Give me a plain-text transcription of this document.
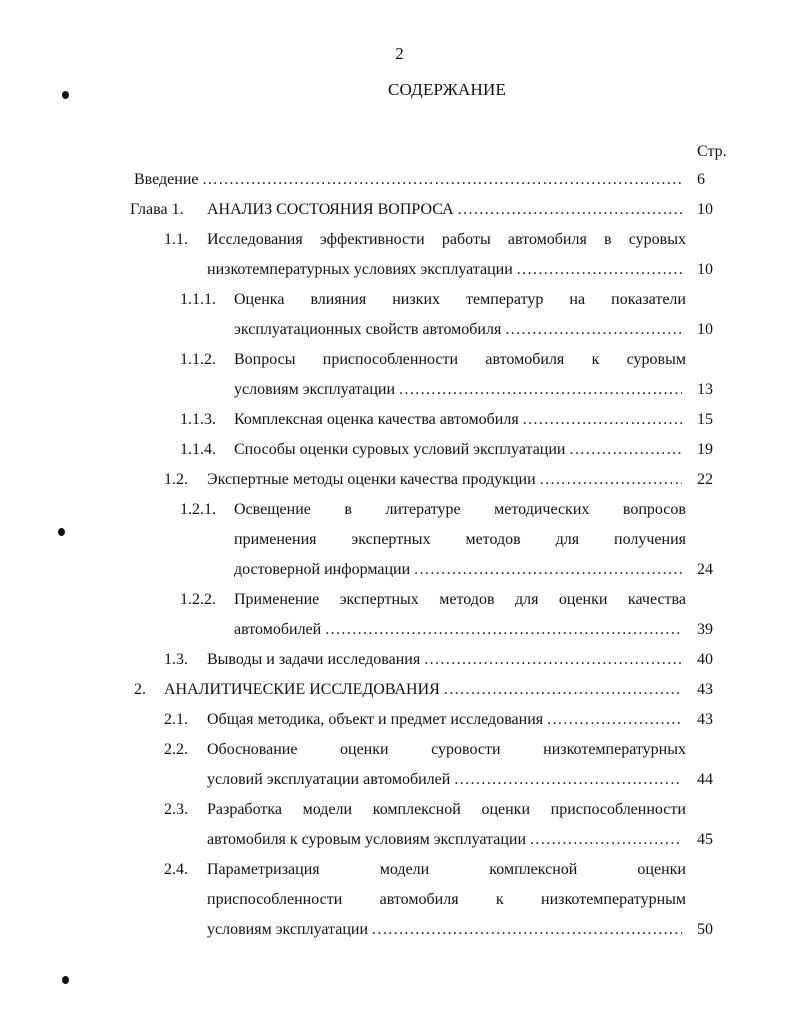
2
СОДЕРЖАНИЕ
Стр.
Введение . . .	6
Глава 1. АНАЛИЗ СОСТОЯНИЯ ВОПРОСА . . .	10
1.1. Исследования эффективности работы автомобиля в суровых
низкотемпературных условиях эксплуатации . . .	10
1.1.1. Оценка влияния низких температур на показатели
эксплуатационных свойств автомобиля . . .	10
1.1.2. Вопросы приспособленности автомобиля к суровым
условиям эксплуатации . . .	13
1.1.3. Комплексная оценка качества автомобиля . . .	15
1.1.4. Способы оценки суровых условий эксплуатации . . .	19
1.2. Экспертные методы оценки качества продукции . . .	22
1.2.1. Освещение в литературе методических вопросов
применения экспертных методов для получения
достоверной информации . . .	24
1.2.2. Применение экспертных методов для оценки качества
автомобилей . . .	39
1.3. Выводы и задачи исследования . . .	40
2. АНАЛИТИЧЕСКИЕ ИССЛЕДОВАНИЯ . . .	43
2.1. Общая методика, объект и предмет исследования . . .	43
2.2. Обоснование	оценки	суровости	низкотемпературных
условий эксплуатации автомобилей . . .	44
2.3. Разработка модели комплексной оценки приспособленности
автомобиля к суровым условиям эксплуатации . . .	45
2.4. Параметризация	модели	комплексной	оценки
приспособленности автомобиля к низкотемпературным
условиям эксплуатации . . .	50
